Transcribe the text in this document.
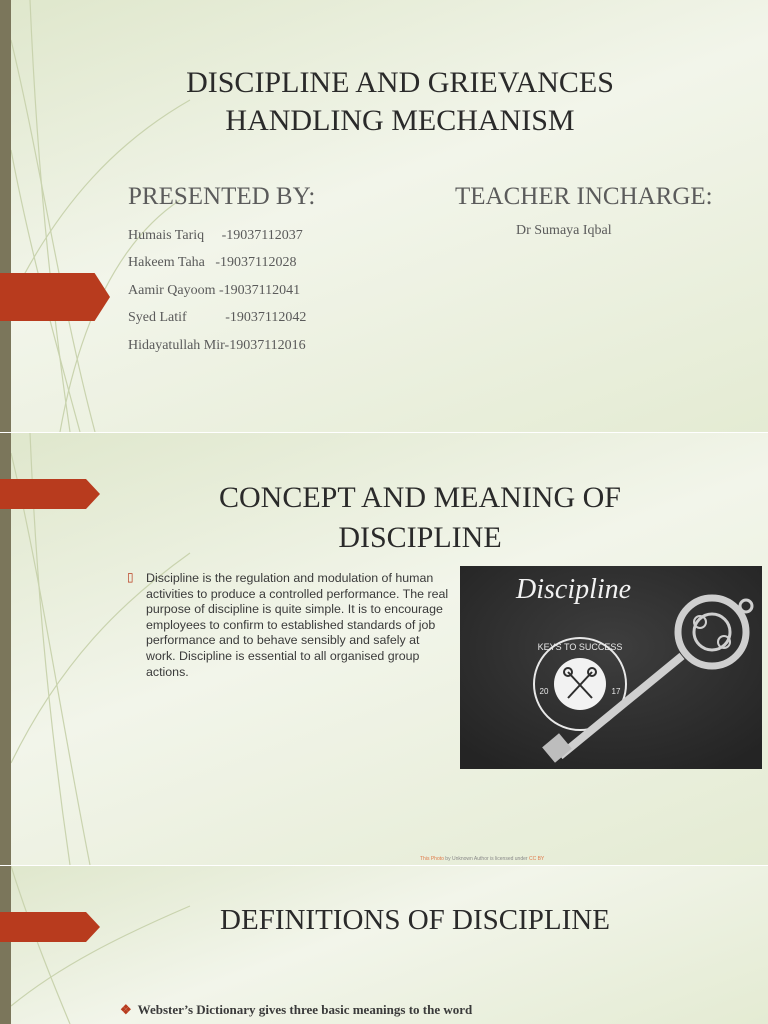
DISCIPLINE AND GRIEVANCES
HANDLING MECHANISM
PRESENTED BY:	TEACHER INCHARGE:
Humais Tariq     -19037112037
Hakeem Taha   -19037112028
Aamir Qayoom -19037112041
Syed Latif           -19037112042
Hidayatullah Mir-19037112016
Dr Sumaya Iqbal
CONCEPT AND MEANING OF
DISCIPLINE
▯ Discipline is the regulation and modulation of human activities to produce a controlled performance. The real purpose of discipline is quite simple. It is to encourage employees to confirm to established standards of job performance and to behave sensibly and safely at work. Discipline is essential to all organised group actions.

Discipline
KEYS TO SUCCESS
20	17
This Photo by Unknown Author is licensed under CC BY
DEFINITIONS OF DISCIPLINE
❖ Webster’s Dictionary gives three basic meanings to the word
